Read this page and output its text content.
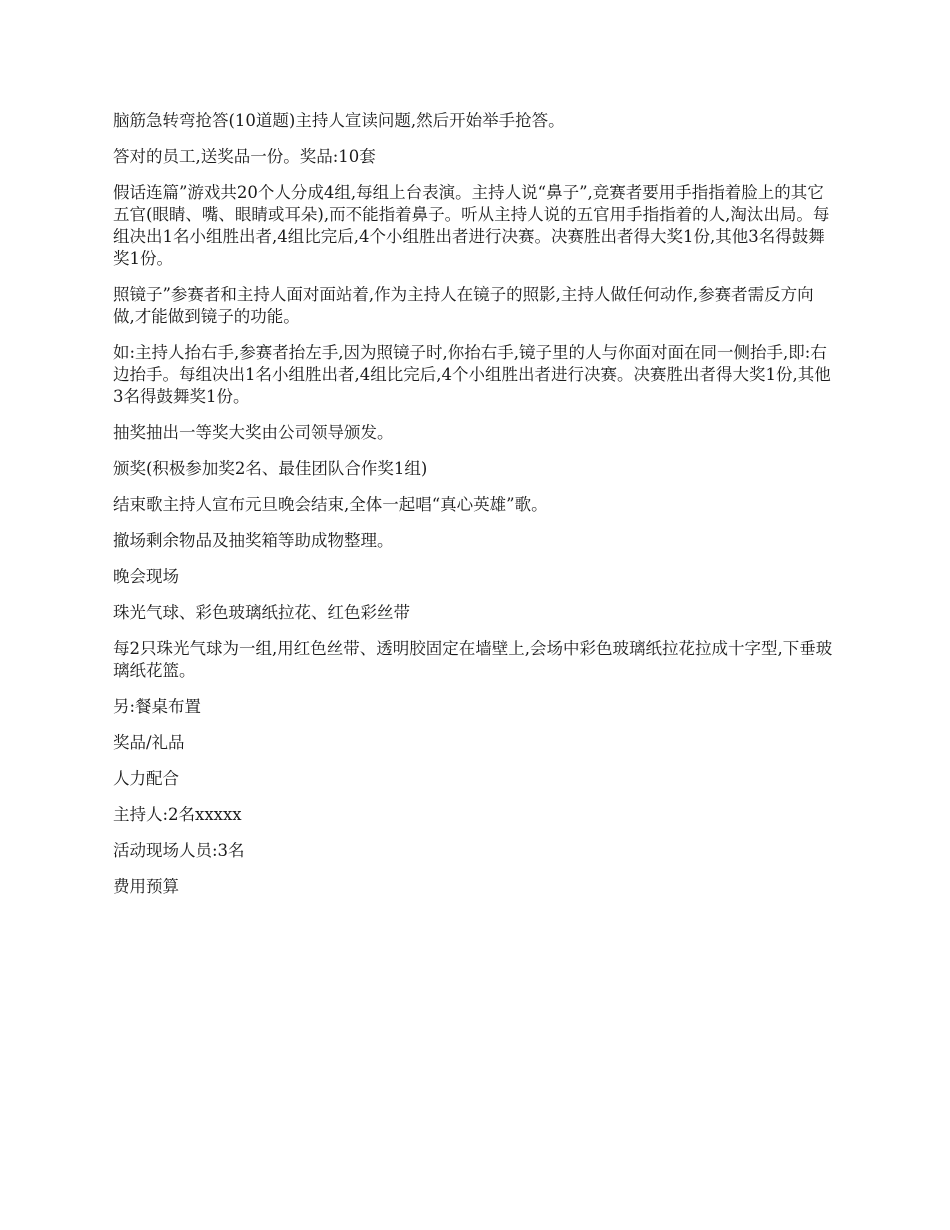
脑筋急转弯抢答(10道题)主持人宣读问题,然后开始举手抢答。

答对的员工,送奖品一份。奖品:10套

假话连篇”游戏共20个人分成4组,每组上台表演。主持人说“鼻子”,竞赛者要用手指指着脸上的其它五官(眼睛、嘴、眼睛或耳朵),而不能指着鼻子。听从主持人说的五官用手指指着的人,淘汰出局。每组决出1名小组胜出者,4组比完后,4个小组胜出者进行决赛。决赛胜出者得大奖1份,其他3名得鼓舞奖1份。

照镜子”参赛者和主持人面对面站着,作为主持人在镜子的照影,主持人做任何动作,参赛者需反方向做,才能做到镜子的功能。

如:主持人抬右手,参赛者抬左手,因为照镜子时,你抬右手,镜子里的人与你面对面在同一侧抬手,即:右边抬手。每组决出1名小组胜出者,4组比完后,4个小组胜出者进行决赛。决赛胜出者得大奖1份,其他3名得鼓舞奖1份。

抽奖抽出一等奖大奖由公司领导颁发。

颁奖(积极参加奖2名、最佳团队合作奖1组)

结束歌主持人宣布元旦晚会结束,全体一起唱“真心英雄”歌。

撤场剩余物品及抽奖箱等助成物整理。

晚会现场

珠光气球、彩色玻璃纸拉花、红色彩丝带

每2只珠光气球为一组,用红色丝带、透明胶固定在墙壁上,会场中彩色玻璃纸拉花拉成十字型,下垂玻璃纸花篮。

另:餐桌布置

奖品/礼品

人力配合

主持人:2名xxxxx

活动现场人员:3名

费用预算
